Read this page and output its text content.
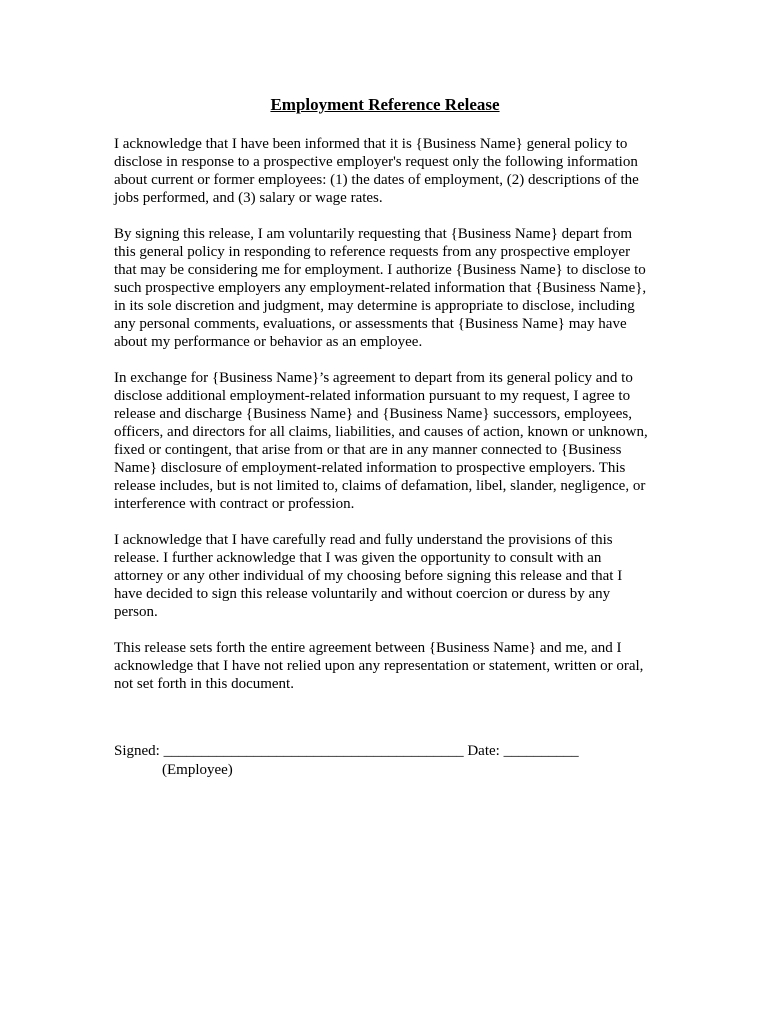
Employment Reference Release
I acknowledge that I have been informed that it is {Business Name} general policy to
disclose in response to a prospective employer's request only the following information
about current or former employees: (1) the dates of employment, (2) descriptions of the
jobs performed, and (3) salary or wage rates.
By signing this release, I am voluntarily requesting that {Business Name} depart from
this general policy in responding to reference requests from any prospective employer
that may be considering me for employment. I authorize {Business Name} to disclose to
such prospective employers any employment-related information that {Business Name},
in its sole discretion and judgment, may determine is appropriate to disclose, including
any personal comments, evaluations, or assessments that {Business Name} may have
about my performance or behavior as an employee.
In exchange for {Business Name}’s agreement to depart from its general policy and to
disclose additional employment-related information pursuant to my request, I agree to
release and discharge {Business Name} and {Business Name} successors, employees,
officers, and directors for all claims, liabilities, and causes of action, known or unknown,
fixed or contingent, that arise from or that are in any manner connected to {Business
Name} disclosure of employment-related information to prospective employers. This
release includes, but is not limited to, claims of defamation, libel, slander, negligence, or
interference with contract or profession.
I acknowledge that I have carefully read and fully understand the provisions of this
release. I further acknowledge that I was given the opportunity to consult with an
attorney or any other individual of my choosing before signing this release and that I
have decided to sign this release voluntarily and without coercion or duress by any
person.
This release sets forth the entire agreement between {Business Name} and me, and I
acknowledge that I have not relied upon any representation or statement, written or oral,
not set forth in this document.
Signed: ________________________________________ Date: __________
(Employee)
